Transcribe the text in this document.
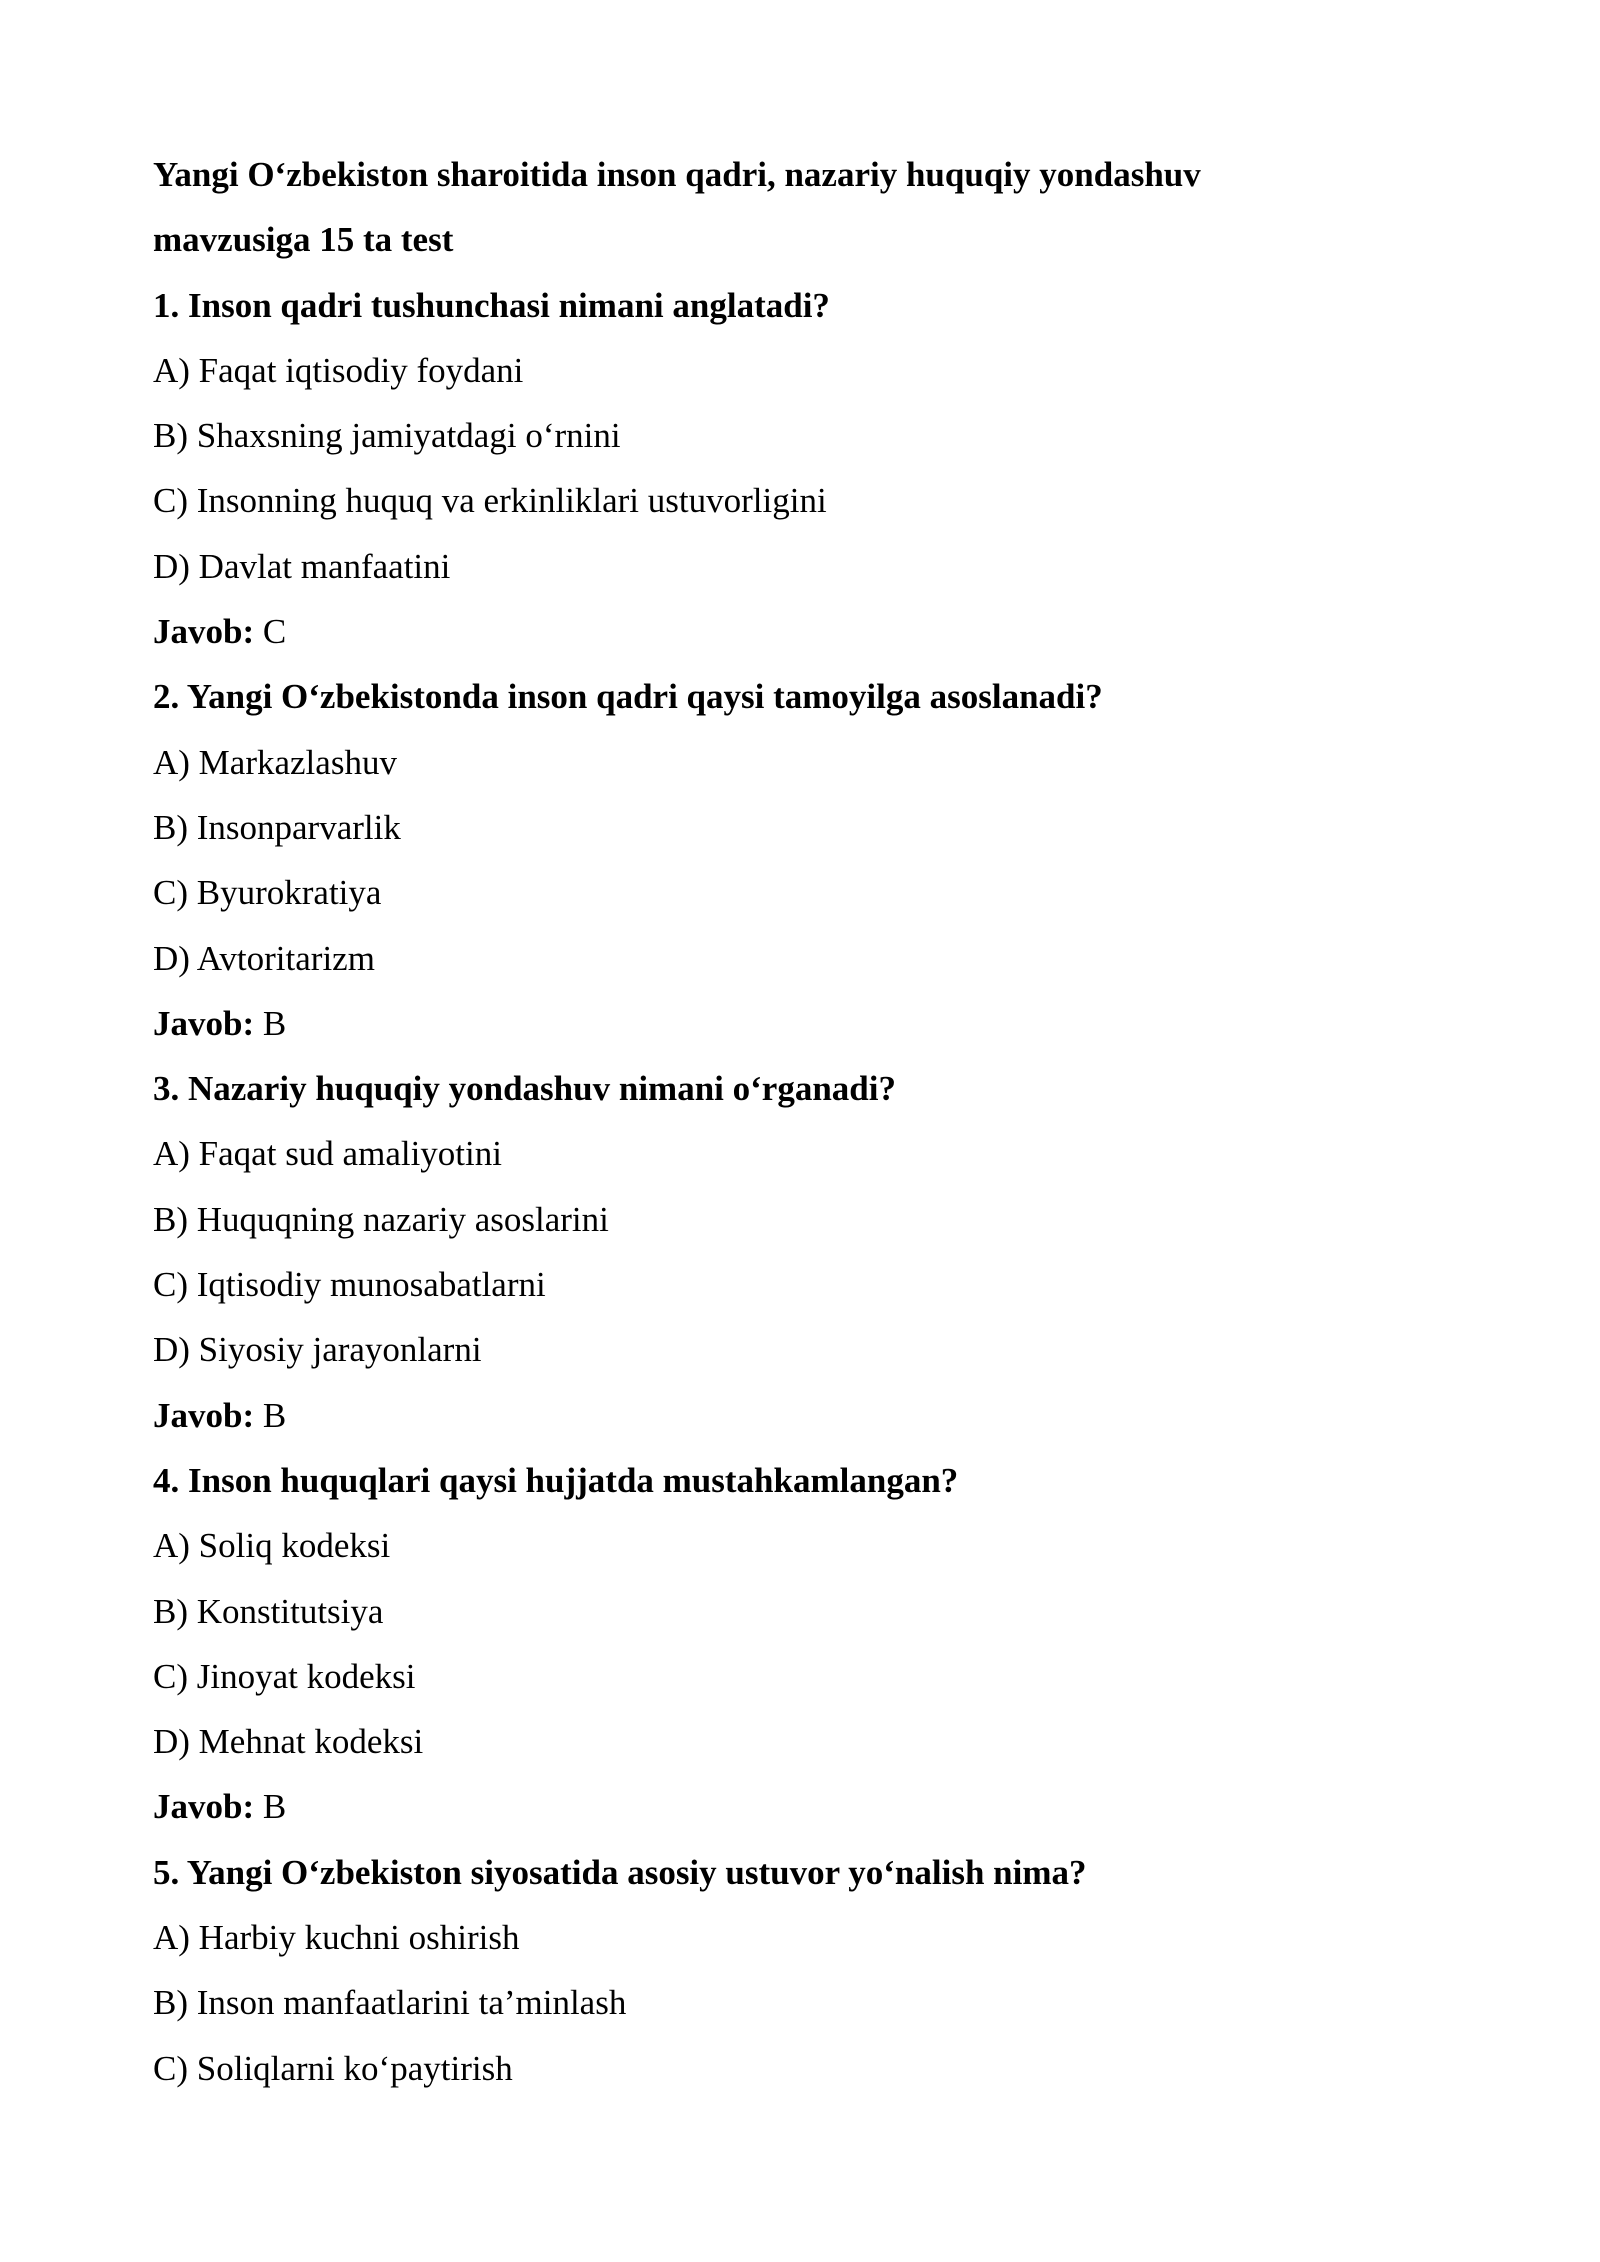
Yangi O‘zbekiston sharoitida inson qadri, nazariy huquqiy yondashuv
mavzusiga 15 ta test
1. Inson qadri tushunchasi nimani anglatadi?
A) Faqat iqtisodiy foydani
B) Shaxsning jamiyatdagi o‘rnini
C) Insonning huquq va erkinliklari ustuvorligini
D) Davlat manfaatini
Javob: C
2. Yangi O‘zbekistonda inson qadri qaysi tamoyilga asoslanadi?
A) Markazlashuv
B) Insonparvarlik
C) Byurokratiya
D) Avtoritarizm
Javob: B
3. Nazariy huquqiy yondashuv nimani o‘rganadi?
A) Faqat sud amaliyotini
B) Huquqning nazariy asoslarini
C) Iqtisodiy munosabatlarni
D) Siyosiy jarayonlarni
Javob: B
4. Inson huquqlari qaysi hujjatda mustahkamlangan?
A) Soliq kodeksi
B) Konstitutsiya
C) Jinoyat kodeksi
D) Mehnat kodeksi
Javob: B
5. Yangi O‘zbekiston siyosatida asosiy ustuvor yo‘nalish nima?
A) Harbiy kuchni oshirish
B) Inson manfaatlarini ta’minlash
C) Soliqlarni ko‘paytirish
